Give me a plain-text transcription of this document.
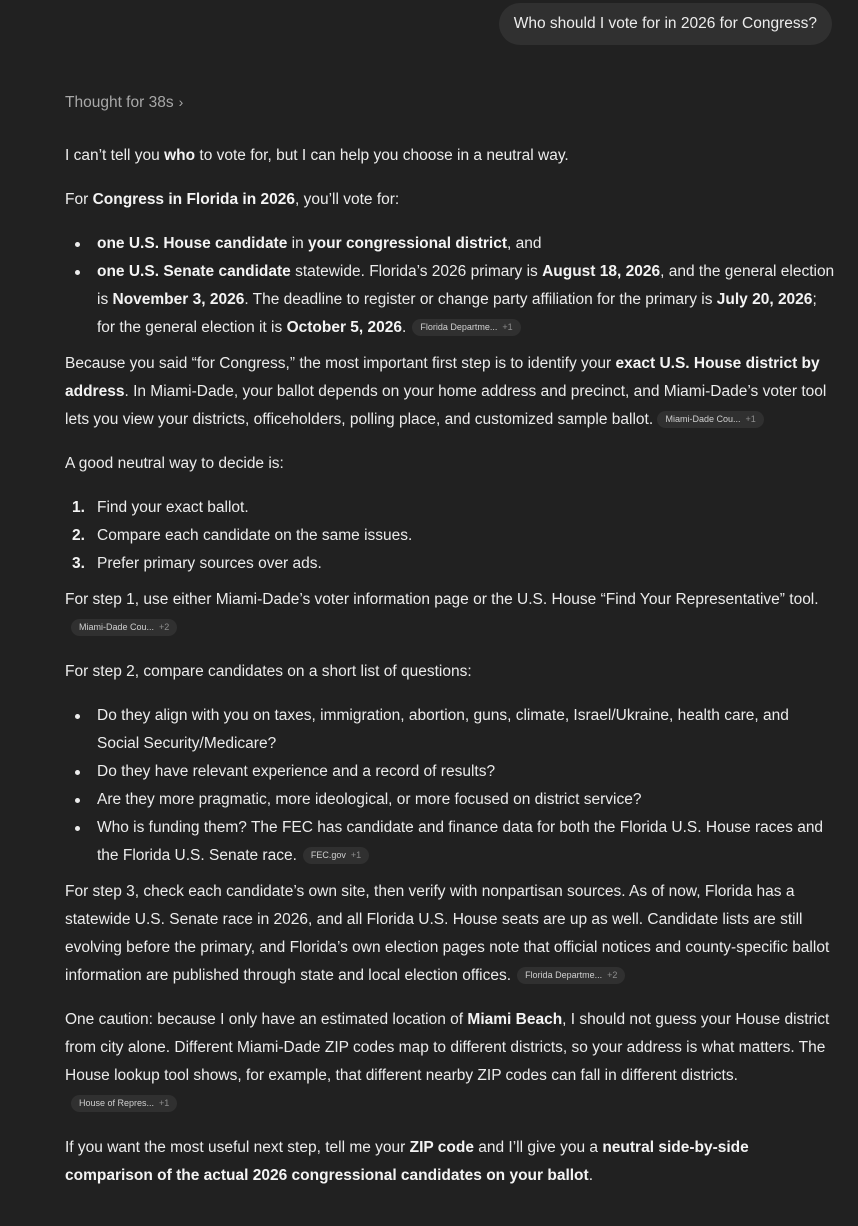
Who should I vote for in 2026 for Congress?
Thought for 38s ›

I can’t tell you who to vote for, but I can help you choose in a neutral way.

For Congress in Florida in 2026, you’ll vote for:

one U.S. House candidate in your congressional district, and
one U.S. Senate candidate statewide. Florida’s 2026 primary is August 18, 2026, and the general election is November 3, 2026. The deadline to register or change party affiliation for the primary is July 20, 2026; for the general election it is October 5, 2026. Florida Departme... +1

Because you said “for Congress,” the most important first step is to identify your exact U.S. House district by address. In Miami-Dade, your ballot depends on your home address and precinct, and Miami-Dade’s voter tool lets you view your districts, officeholders, polling place, and customized sample ballot. Miami-Dade Cou... +1

A good neutral way to decide is:

Find your exact ballot.
Compare each candidate on the same issues.
Prefer primary sources over ads.

For step 1, use either Miami-Dade’s voter information page or the U.S. House “Find Your Representative” tool.Miami-Dade Cou... +2

For step 2, compare candidates on a short list of questions:

Do they align with you on taxes, immigration, abortion, guns, climate, Israel/Ukraine, health care, and Social Security/Medicare?
Do they have relevant experience and a record of results?
Are they more pragmatic, more ideological, or more focused on district service?
Who is funding them? The FEC has candidate and finance data for both the Florida U.S. House races and the Florida U.S. Senate race. FEC.gov +1

For step 3, check each candidate’s own site, then verify with nonpartisan sources. As of now, Florida has a statewide U.S. Senate race in 2026, and all Florida U.S. House seats are up as well. Candidate lists are still evolving before the primary, and Florida’s own election pages note that official notices and county-specific ballot information are published through state and local election offices. Florida Departme... +2

One caution: because I only have an estimated location of Miami Beach, I should not guess your House district from city alone. Different Miami-Dade ZIP codes map to different districts, so your address is what matters. The House lookup tool shows, for example, that different nearby ZIP codes can fall in different districts.House of Repres... +1

If you want the most useful next step, tell me your ZIP code and I’ll give you a neutral side-by-side comparison of the actual 2026 congressional candidates on your ballot.
